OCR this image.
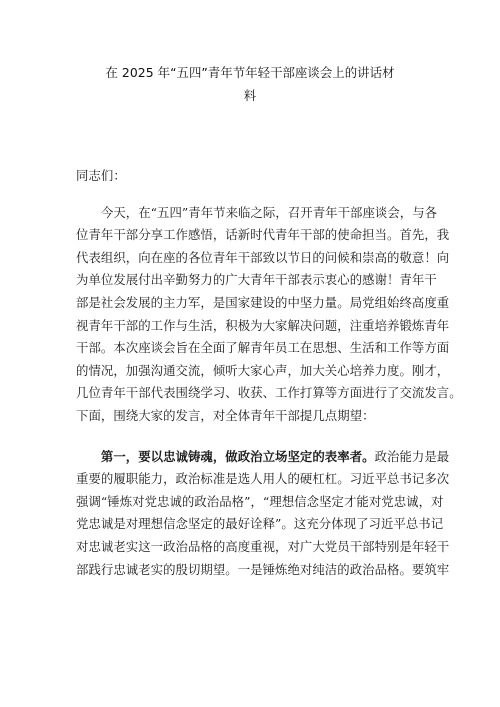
在 2025 年“五四”青年节年轻干部座谈会上的讲话材
料
同志们：
　　今天，在“五四”青年节来临之际，召开青年干部座谈会，与各
位青年干部分享工作感悟，话新时代青年干部的使命担当。首先，我
代表组织，向在座的各位青年干部致以节日的问候和崇高的敬意！向
为单位发展付出辛勤努力的广大青年干部表示衷心的感谢！青年干
部是社会发展的主力军，是国家建设的中坚力量。局党组始终高度重
视青年干部的工作与生活，积极为大家解决问题，注重培养锻炼青年
干部。本次座谈会旨在全面了解青年员工在思想、生活和工作等方面
的情况，加强沟通交流，倾听大家心声，加大关心培养力度。刚才，
几位青年干部代表围绕学习、收获、工作打算等方面进行了交流发言。
下面，围绕大家的发言，对全体青年干部提几点期望：
　　第一，要以忠诚铸魂，做政治立场坚定的表率者。政治能力是最
重要的履职能力，政治标准是选人用人的硬杠杠。习近平总书记多次
强调“锤炼对党忠诚的政治品格”，“理想信念坚定才能对党忠诚，对
党忠诚是对理想信念坚定的最好诠释”。这充分体现了习近平总书记
对忠诚老实这一政治品格的高度重视，对广大党员干部特别是年轻干
部践行忠诚老实的殷切期望。一是锤炼绝对纯洁的政治品格。要筑牢
